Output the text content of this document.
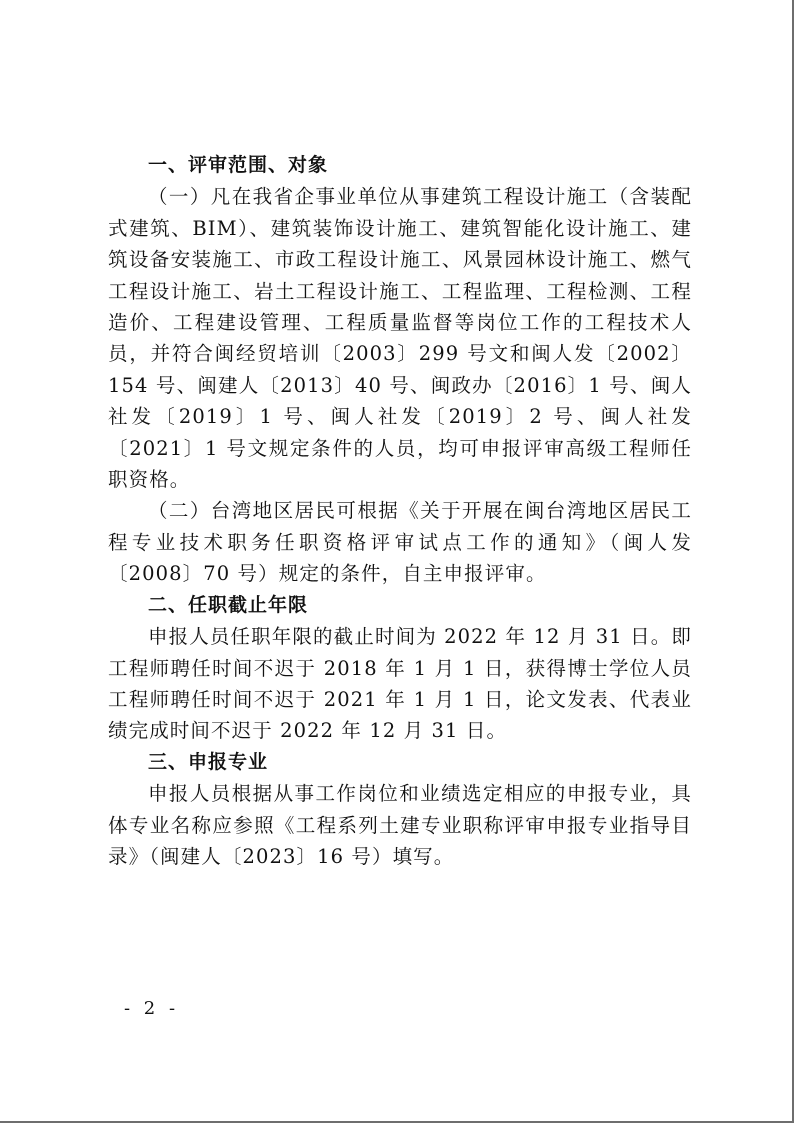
一、评审范围、对象

（一）凡在我省企事业单位从事建筑工程设计施工（含装配式建筑、BIM）、建筑装饰设计施工、建筑智能化设计施工、建筑设备安装施工、市政工程设计施工、风景园林设计施工、燃气工程设计施工、岩土工程设计施工、工程监理、工程检测、工程造价、工程建设管理、工程质量监督等岗位工作的工程技术人员，并符合闽经贸培训〔2003〕299 号文和闽人发〔2002〕154 号、闽建人〔2013〕40 号、闽政办〔2016〕1 号、闽人社发〔2019〕1 号、闽人社发〔2019〕2 号、闽人社发〔2021〕1 号文规定条件的人员，均可申报评审高级工程师任职资格。

（二）台湾地区居民可根据《关于开展在闽台湾地区居民工程专业技术职务任职资格评审试点工作的通知》（闽人发〔2008〕70 号）规定的条件，自主申报评审。

二、任职截止年限

申报人员任职年限的截止时间为 2022 年 12 月 31 日。即工程师聘任时间不迟于 2018 年 1 月 1 日，获得博士学位人员工程师聘任时间不迟于 2021 年 1 月 1 日，论文发表、代表业绩完成时间不迟于 2022 年 12 月 31 日。

三、申报专业

申报人员根据从事工作岗位和业绩选定相应的申报专业，具体专业名称应参照《工程系列土建专业职称评审申报专业指导目录》（闽建人〔2023〕16 号）填写。

- 2 -
